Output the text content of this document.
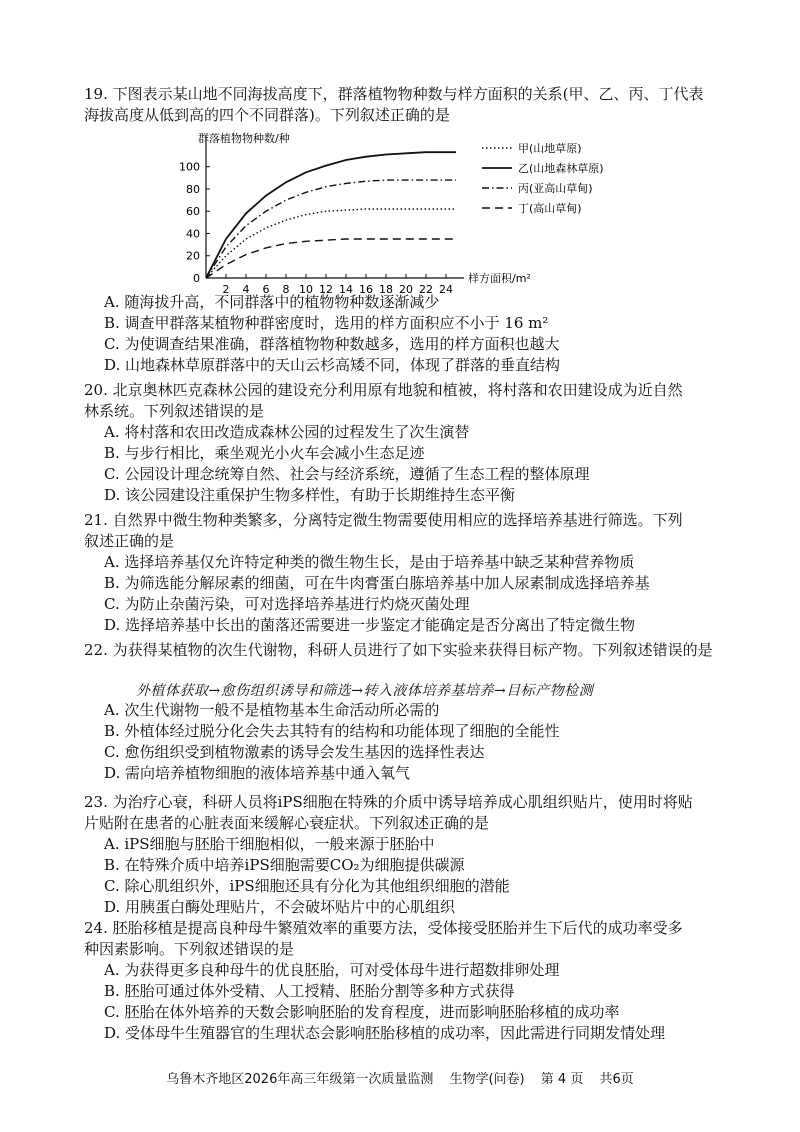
19. 下图表示某山地不同海拔高度下，群落植物物种数与样方面积的关系(甲、乙、丙、丁代表
海拔高度从低到高的四个不同群落)。下列叙述正确的是
群落植物物种数/种
样方面积/m²
0
20
40
60
80
100
2 4 6 8 10 12 14 16 18 20 22 24
甲(山地草原)
乙(山地森林草原)
丙(亚高山草甸)
丁(高山草甸)
A. 随海拔升高，不同群落中的植物物种数逐渐减少
B. 调查甲群落某植物种群密度时，选用的样方面积应不小于 16 m²
C. 为使调查结果准确，群落植物物种数越多，选用的样方面积也越大
D. 山地森林草原群落中的天山云杉高矮不同，体现了群落的垂直结构
20. 北京奥林匹克森林公园的建设充分利用原有地貌和植被，将村落和农田建设成为近自然
林系统。下列叙述错误的是
A. 将村落和农田改造成森林公园的过程发生了次生演替
B. 与步行相比，乘坐观光小火车会减小生态足迹
C. 公园设计理念统筹自然、社会与经济系统，遵循了生态工程的整体原理
D. 该公园建设注重保护生物多样性，有助于长期维持生态平衡
21. 自然界中微生物种类繁多，分离特定微生物需要使用相应的选择培养基进行筛选。下列
叙述正确的是
A. 选择培养基仅允许特定种类的微生物生长，是由于培养基中缺乏某种营养物质
B. 为筛选能分解尿素的细菌，可在牛肉膏蛋白胨培养基中加人尿素制成选择培养基
C. 为防止杂菌污染，可对选择培养基进行灼烧灭菌处理
D. 选择培养基中长出的菌落还需要进一步鉴定才能确定是否分离出了特定微生物
22. 为获得某植物的次生代谢物，科研人员进行了如下实验来获得目标产物。下列叙述错误的是
外植体获取→愈伤组织诱导和筛选→转入液体培养基培养→目标产物检测
A. 次生代谢物一般不是植物基本生命活动所必需的
B. 外植体经过脱分化会失去其特有的结构和功能体现了细胞的全能性
C. 愈伤组织受到植物激素的诱导会发生基因的选择性表达
D. 需向培养植物细胞的液体培养基中通入氧气
23. 为治疗心衰，科研人员将iPS细胞在特殊的介质中诱导培养成心肌组织贴片，使用时将贴
片贴附在患者的心脏表面来缓解心衰症状。下列叙述正确的是
A. iPS细胞与胚胎干细胞相似，一般来源于胚胎中
B. 在特殊介质中培养iPS细胞需要CO₂为细胞提供碳源
C. 除心肌组织外，iPS细胞还具有分化为其他组织细胞的潜能
D. 用胰蛋白酶处理贴片，不会破坏贴片中的心肌组织
24. 胚胎移植是提高良种母牛繁殖效率的重要方法，受体接受胚胎并生下后代的成功率受多
种因素影响。下列叙述错误的是
A. 为获得更多良种母牛的优良胚胎，可对受体母牛进行超数排卵处理
B. 胚胎可通过体外受精、人工授精、胚胎分割等多种方式获得
C. 胚胎在体外培养的天数会影响胚胎的发育程度，进而影响胚胎移植的成功率
D. 受体母牛生殖器官的生理状态会影响胚胎移植的成功率，因此需进行同期发情处理
乌鲁木齐地区2026年高三年级第一次质量监测 生物学(问卷) 第 4 页 共6页
